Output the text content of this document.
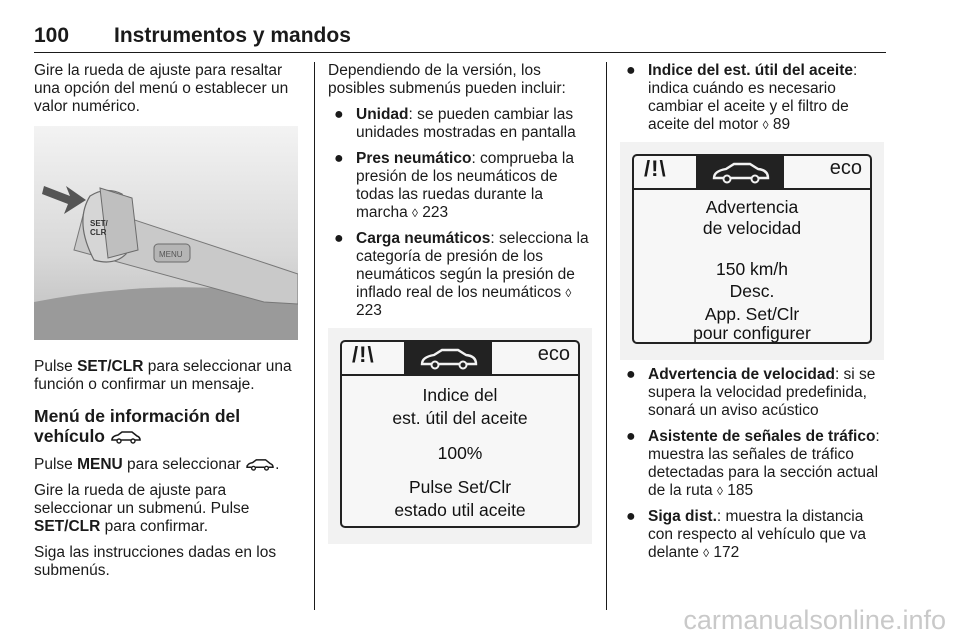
100 Instrumentos y mandos

Gire la rueda de ajuste para resaltar una opción del menú o establecer un valor numérico.

SET/
CLR
MENU

Pulse SET/CLR para seleccionar una función o confirmar un mensaje.

Menú de información del vehículo

Pulse MENU para seleccionar .

Gire la rueda de ajuste para seleccionar un submenú. Pulse SET/CLR para confirmar.

Siga las instrucciones dadas en los submenús.

Dependiendo de la versión, los posibles submenús pueden incluir:

● Unidad: se pueden cambiar las unidades mostradas en pantalla
● Pres neumático: comprueba la presión de los neumáticos de todas las ruedas durante la marcha ◊ 223
● Carga neumáticos: selecciona la categoría de presión de los neumáticos según la presión de inflado real de los neumáticos ◊ 223
/!\	eco
Indice del
est. útil del aceite
100%
Pulse Set/Clr
estado util aceite
● Indice del est. útil del aceite: indica cuándo es necesario cambiar el aceite y el filtro de aceite del motor ◊ 89
/!\	eco
Advertencia
de velocidad
150 km/h
Desc.
App. Set/Clr
pour configurer
● Advertencia de velocidad: si se supera la velocidad predefinida, sonará un aviso acústico
● Asistente de señales de tráfico: muestra las señales de tráfico detectadas para la sección actual de la ruta ◊ 185
● Siga dist.: muestra la distancia con respecto al vehículo que va delante ◊ 172
carmanualsonline.info
